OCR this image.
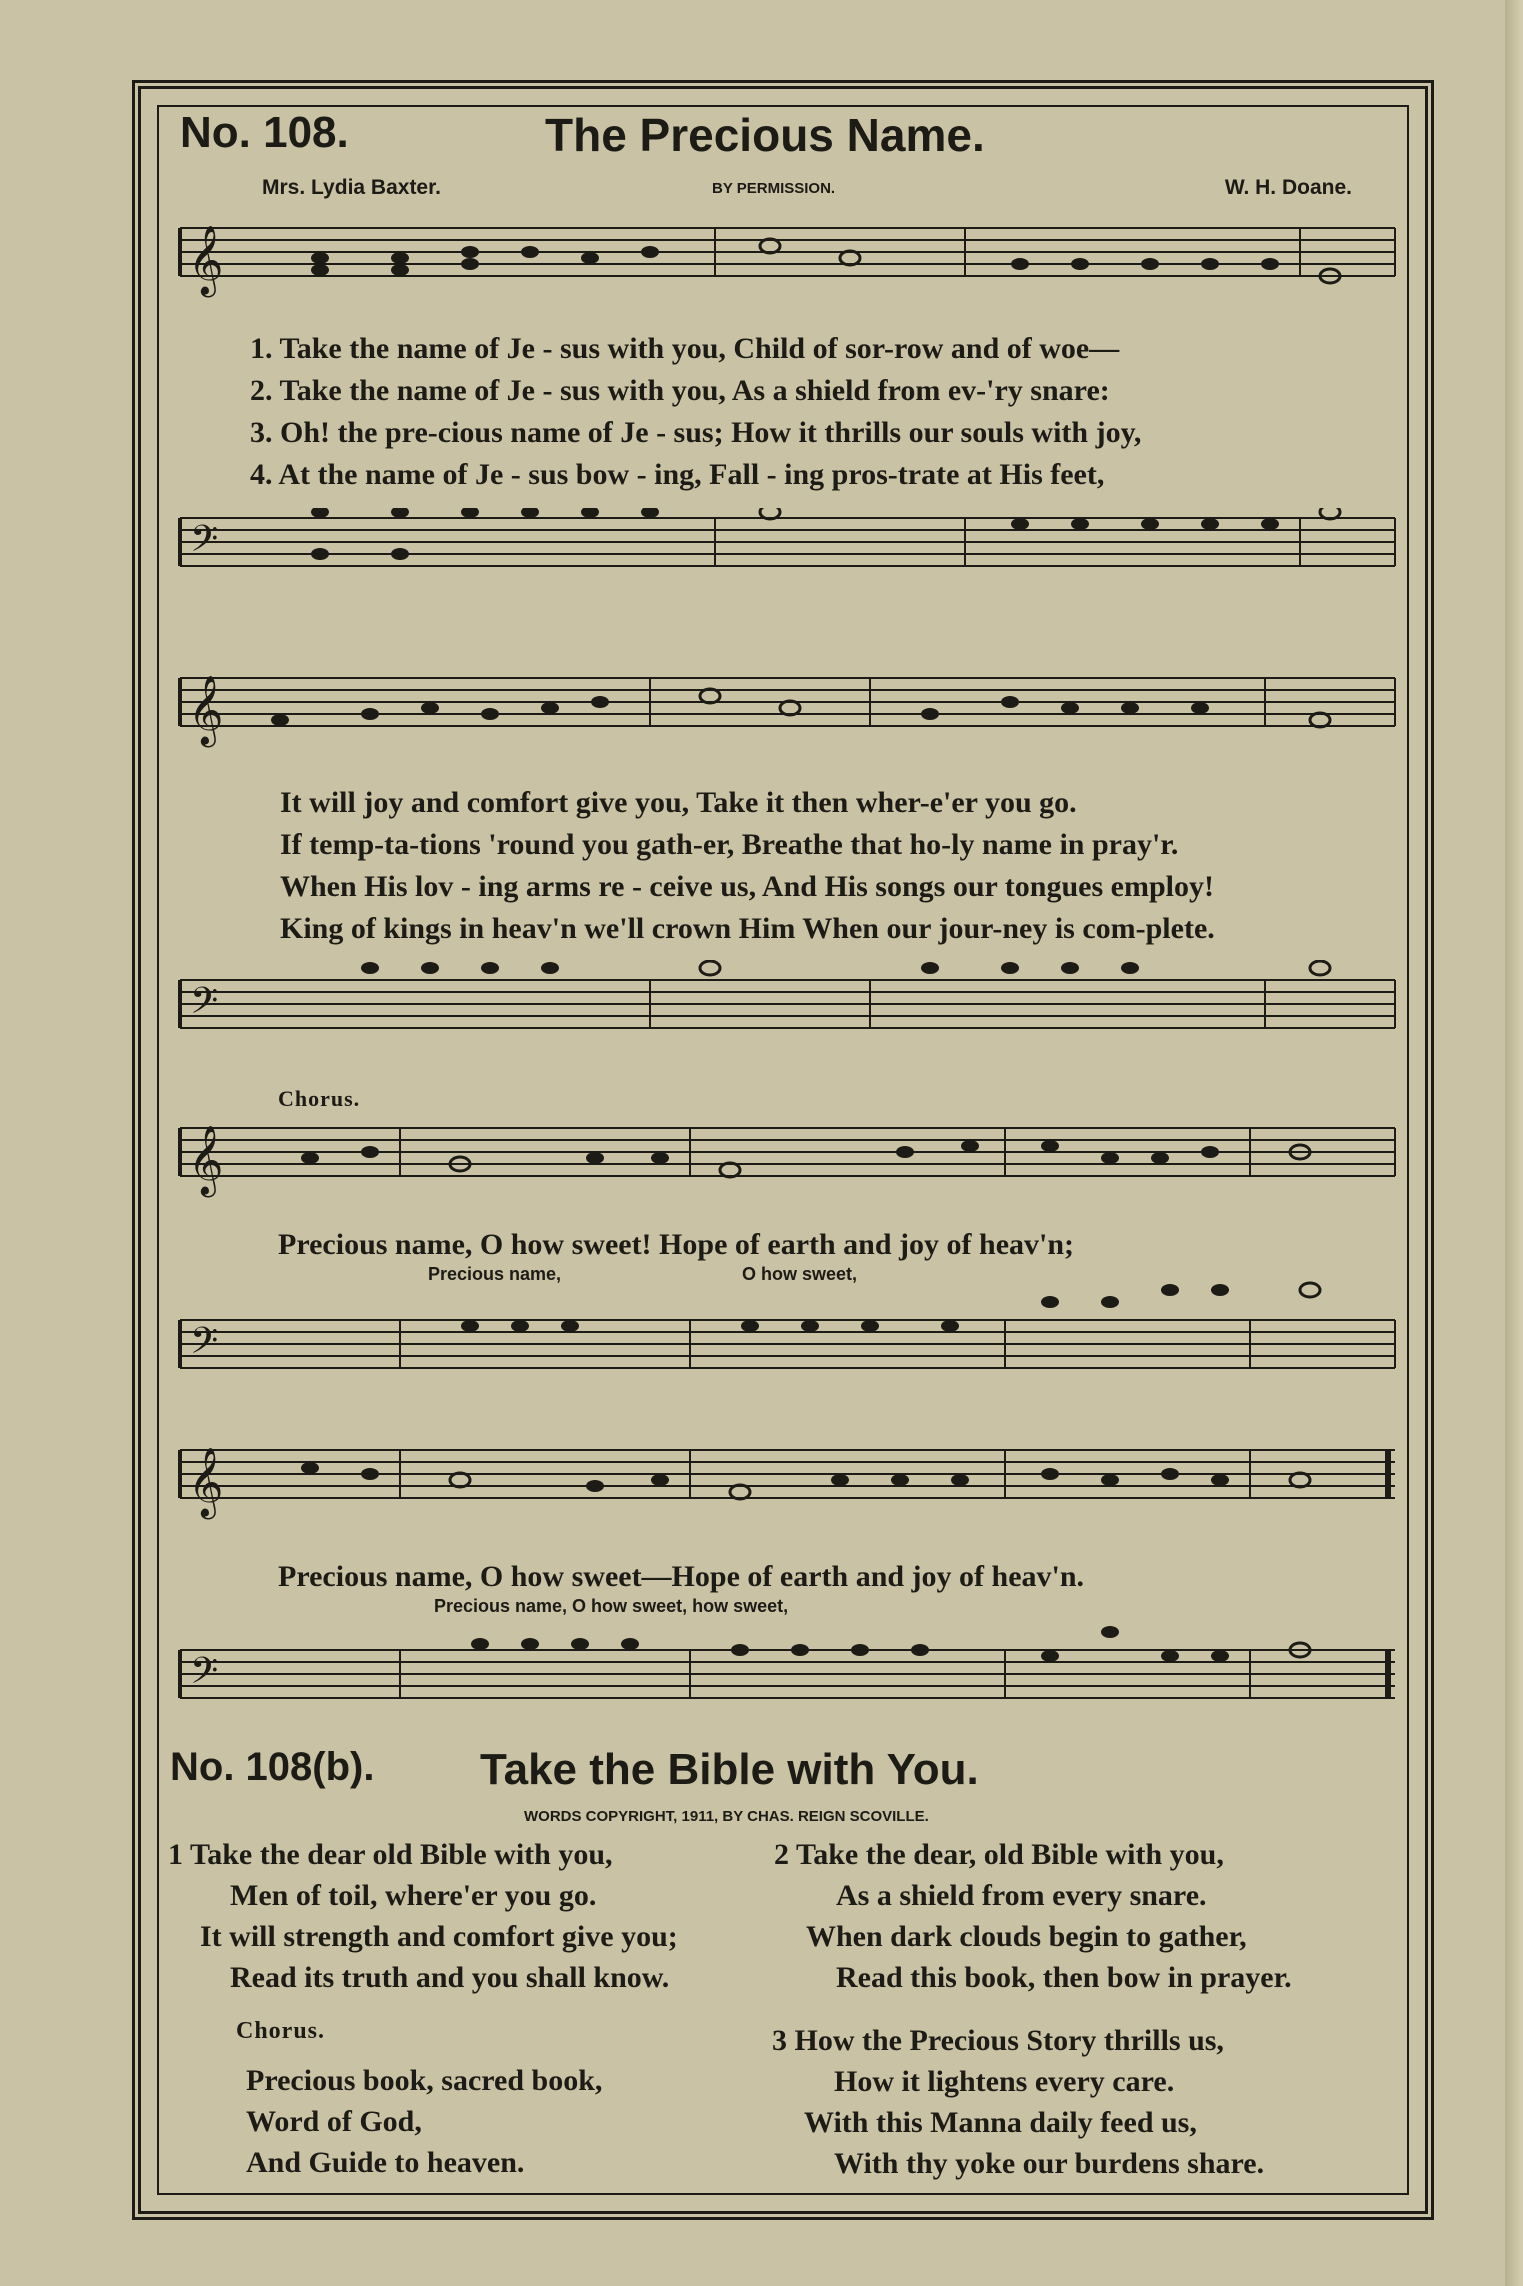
No. 108.	The Precious Name.
Mrs. Lydia Baxter.	BY PERMISSION.	W. H. Doane.
𝄞
1. Take the name of Je - sus with you, Child of sor-row and of woe—
2. Take the name of Je - sus with you, As a shield from ev-'ry snare:
3. Oh! the pre-cious name of Je - sus; How it thrills our souls with joy,
4. At the name of Je - sus bow - ing, Fall - ing pros-trate at His feet,
𝄢
𝄞
It will joy and comfort give you, Take it then wher-e'er you go.
If temp-ta-tions 'round you gath-er, Breathe that ho-ly name in pray'r.
When His lov - ing arms re - ceive us, And His songs our tongues employ!
King of kings in heav'n we'll crown Him When our jour-ney is com-plete.
𝄢
Chorus.
𝄞
Precious name, O how sweet! Hope of earth and joy of heav'n;
Precious name,	O how sweet,
𝄢
𝄞
Precious name, O how sweet—Hope of earth and joy of heav'n.
Precious name, O how sweet, how sweet,
𝄢
No. 108(b). Take the Bible with You.
WORDS COPYRIGHT, 1911, BY CHAS. REIGN SCOVILLE.
1 Take the dear old Bible with you,
Men of toil, where'er you go.
It will strength and comfort give you;
Read its truth and you shall know.
2 Take the dear, old Bible with you,
As a shield from every snare.
When dark clouds begin to gather,
Read this book, then bow in prayer.
Chorus.
Precious book, sacred book,
Word of God,
And Guide to heaven.
3 How the Precious Story thrills us,
How it lightens every care.
With this Manna daily feed us,
With thy yoke our burdens share.
